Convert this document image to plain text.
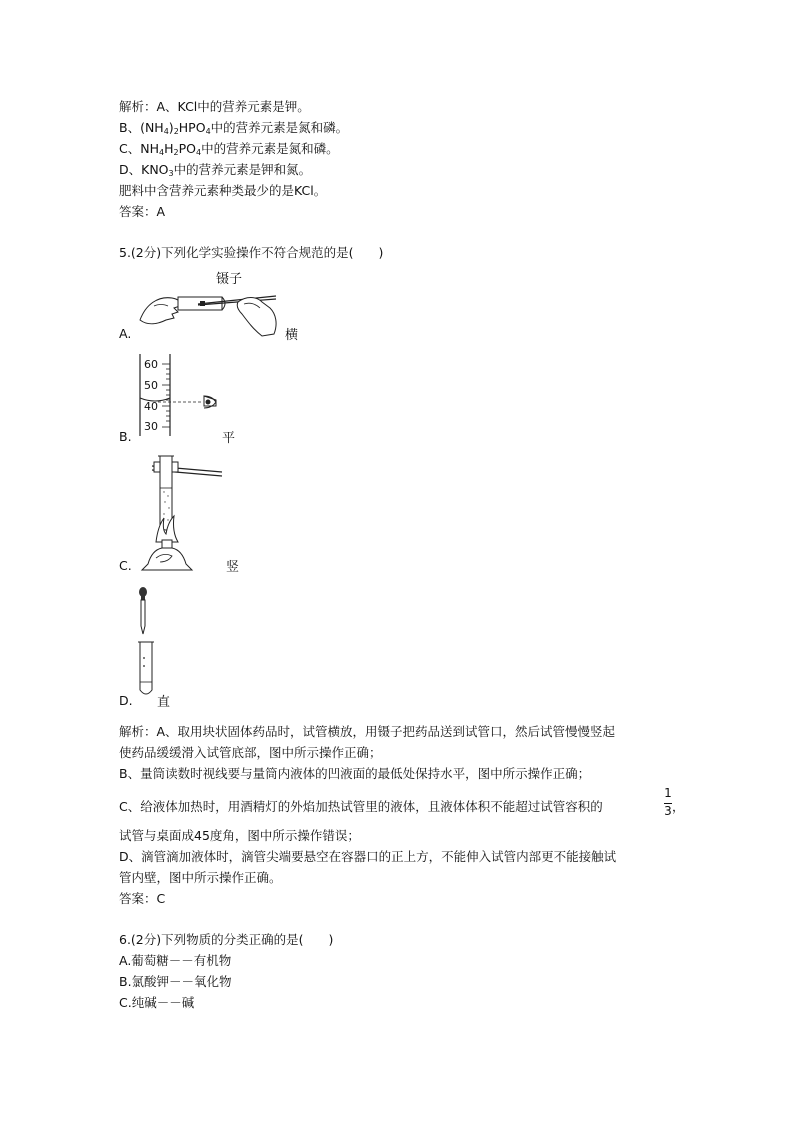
解析：A、KCl中的营养元素是钾。
B、$(NH_4)_2HPO_4$中的营养元素是氮和磷。
C、$NH_4H_2PO_4$中的营养元素是氮和磷。
D、$KNO_3$中的营养元素是钾和氮。
肥料中含营养元素种类最少的是KCl。
答案：A
5.(2分)下列化学实验操作不符合规范的是(　　)
镊子
A.	横
60
50
40
30
B.	平
C.	竖
D. 直
解析：A、取用块状固体药品时，试管横放，用镊子把药品送到试管口，然后试管慢慢竖起
使药品缓缓滑入试管底部，图中所示操作正确；
B、量筒读数时视线要与量筒内液体的凹液面的最低处保持水平，图中所示操作正确；
C、给液体加热时，用酒精灯的外焰加热试管里的液体，且液体体积不能超过试管容积的
1
3 ，
试管与桌面成45度角，图中所示操作错误；
D、滴管滴加液体时，滴管尖端要悬空在容器口的正上方，不能伸入试管内部更不能接触试
管内壁，图中所示操作正确。
答案：C
6.(2分)下列物质的分类正确的是(　　)
A.葡萄糖－－有机物
B.氯酸钾－－氧化物
C.纯碱－－碱
